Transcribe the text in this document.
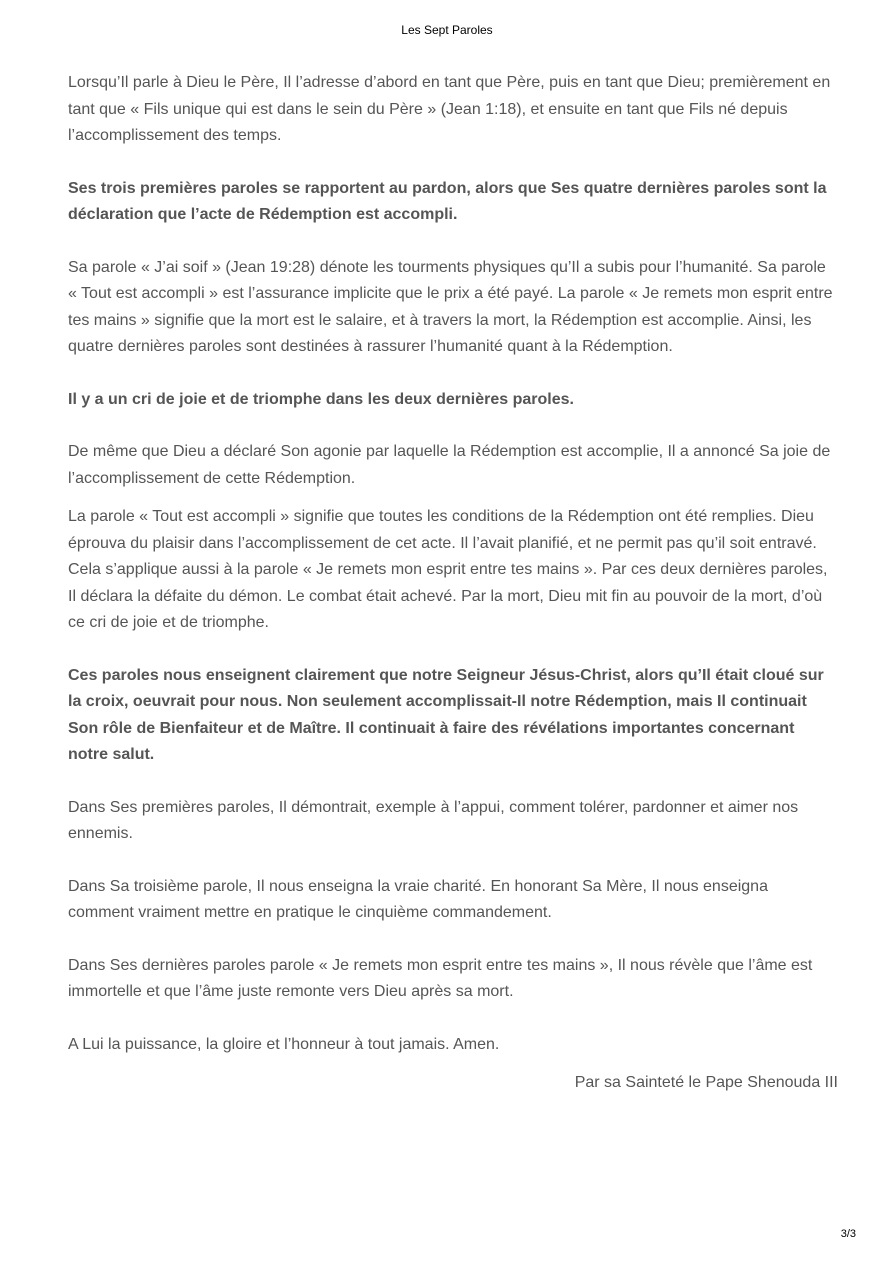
Les Sept Paroles

Lorsqu’Il parle à Dieu le Père, Il l’adresse d’abord en tant que Père, puis en tant que Dieu; premièrement en tant que « Fils unique qui est dans le sein du Père » (Jean 1:18), et ensuite en tant que Fils né depuis l’accomplissement des temps.

Ses trois premières paroles se rapportent au pardon, alors que Ses quatre dernières paroles sont la déclaration que l’acte de Rédemption est accompli.

Sa parole « J’ai soif » (Jean 19:28) dénote les tourments physiques qu’Il a subis pour l’humanité. Sa parole « Tout est accompli » est l’assurance implicite que le prix a été payé. La parole « Je remets mon esprit entre tes mains » signifie que la mort est le salaire, et à travers la mort, la Rédemption est accomplie. Ainsi, les quatre dernières paroles sont destinées à rassurer l’humanité quant à la Rédemption.

Il y a un cri de joie et de triomphe dans les deux dernières paroles.

De même que Dieu a déclaré Son agonie par laquelle la Rédemption est accomplie, Il a annoncé Sa joie de l’accomplissement de cette Rédemption.

La parole « Tout est accompli » signifie que toutes les conditions de la Rédemption ont été remplies. Dieu éprouva du plaisir dans l’accomplissement de cet acte. Il l’avait planifié, et ne permit pas qu’il soit entravé. Cela s’applique aussi à la parole « Je remets mon esprit entre tes mains ». Par ces deux dernières paroles, Il déclara la défaite du démon. Le combat était achevé. Par la mort, Dieu mit fin au pouvoir de la mort, d’où ce cri de joie et de triomphe.

Ces paroles nous enseignent clairement que notre Seigneur Jésus-Christ, alors qu’Il était cloué sur la croix, oeuvrait pour nous. Non seulement accomplissait-Il notre Rédemption, mais Il continuait Son rôle de Bienfaiteur et de Maître. Il continuait à faire des révélations importantes concernant notre salut.

Dans Ses premières paroles, Il démontrait, exemple à l’appui, comment tolérer, pardonner et aimer nos ennemis.

Dans Sa troisième parole, Il nous enseigna la vraie charité. En honorant Sa Mère, Il nous enseigna comment vraiment mettre en pratique le cinquième commandement.

Dans Ses dernières paroles parole « Je remets mon esprit entre tes mains », Il nous révèle que l’âme est immortelle et que l’âme juste remonte vers Dieu après sa mort.

A Lui la puissance, la gloire et l’honneur à tout jamais. Amen.

Par sa Sainteté le Pape Shenouda III

3/3
